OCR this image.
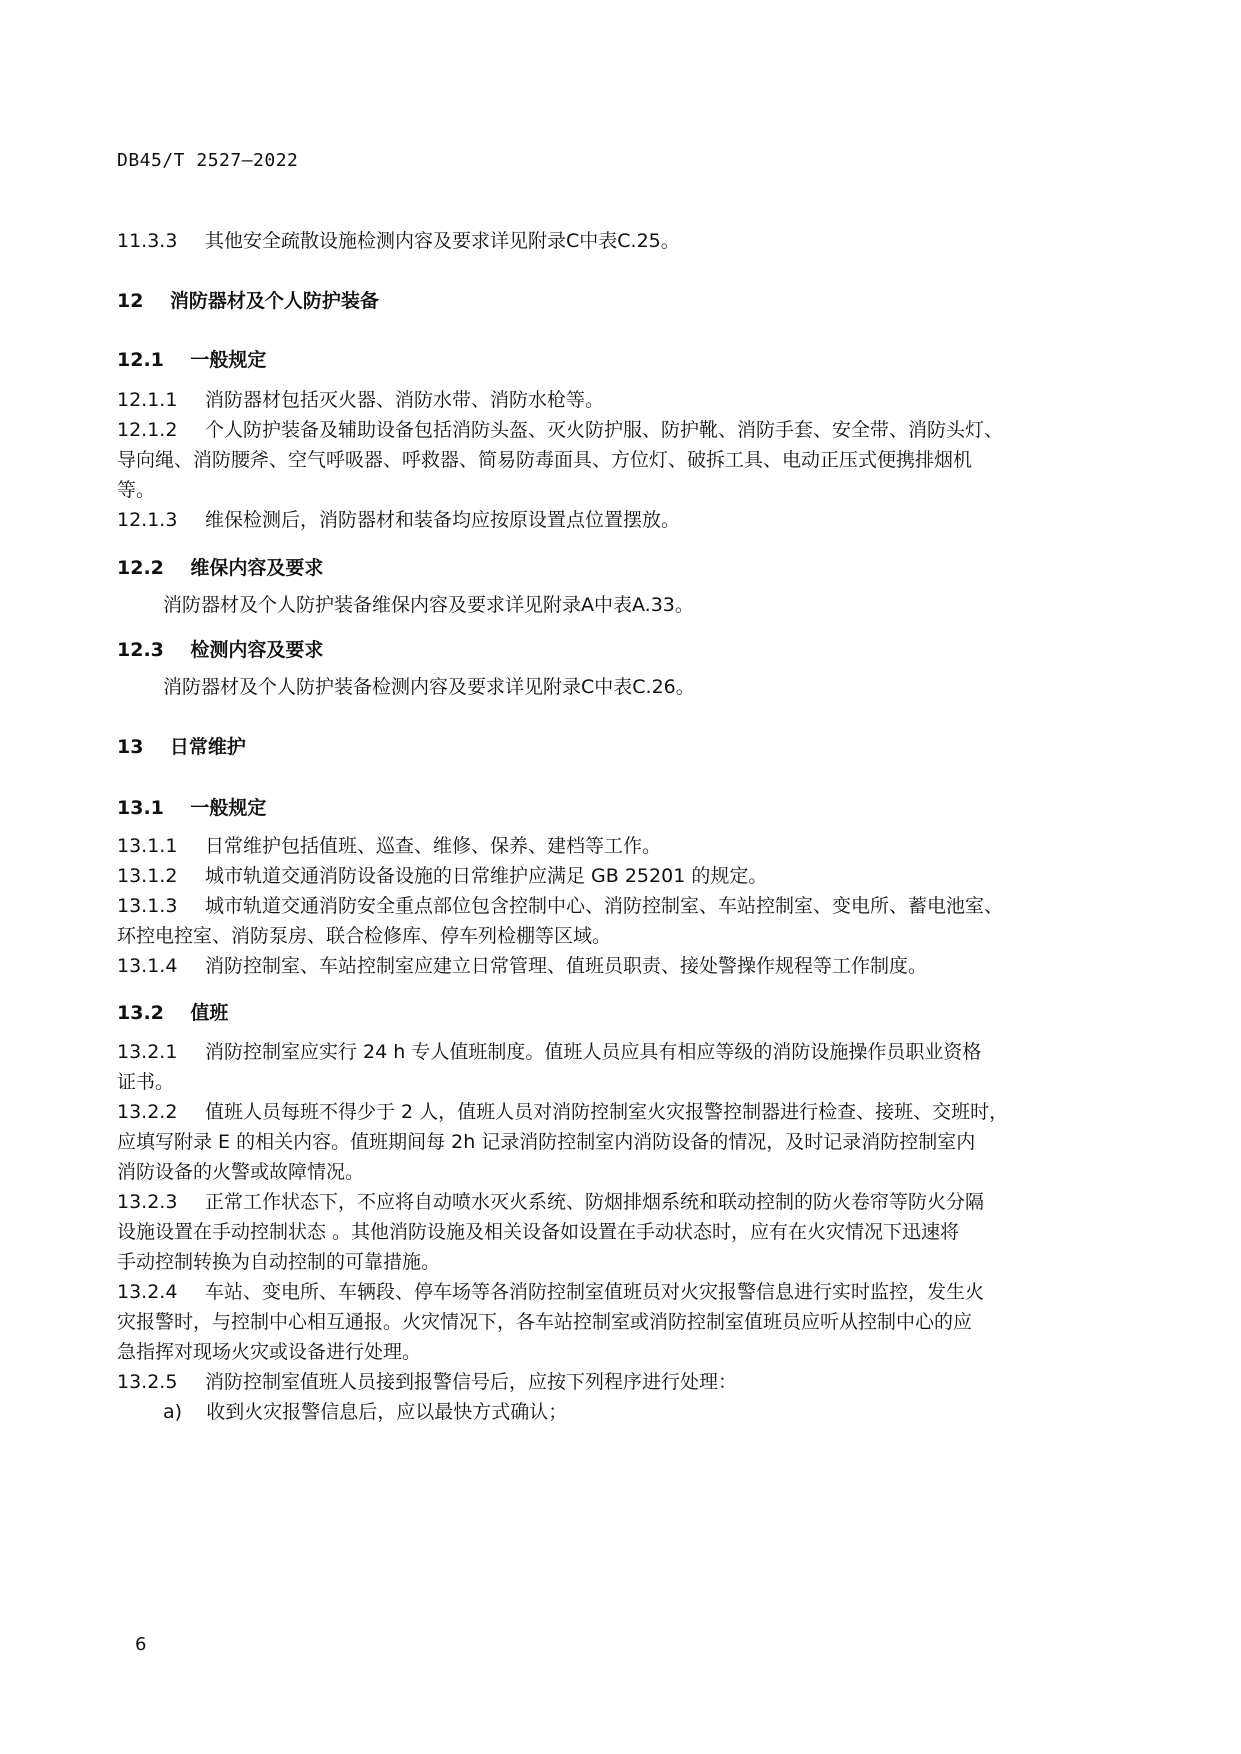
DB45/T 2527—2022
11.3.3	其他安全疏散设施检测内容及要求详见附录C中表C.25。
12 消防器材及个人防护装备
12.1 一般规定
12.1.1	消防器材包括灭火器、消防水带、消防水枪等。
12.1.2	个人防护装备及辅助设备包括消防头盔、灭火防护服、防护靴、消防手套、安全带、消防头灯、
导向绳、消防腰斧、空气呼吸器、呼救器、简易防毒面具、方位灯、破拆工具、电动正压式便携排烟机
等。
12.1.3	维保检测后，消防器材和装备均应按原设置点位置摆放。
12.2 维保内容及要求
消防器材及个人防护装备维保内容及要求详见附录A中表A.33。
12.3 检测内容及要求
消防器材及个人防护装备检测内容及要求详见附录C中表C.26。
13 日常维护
13.1 一般规定
13.1.1	日常维护包括值班、巡查、维修、保养、建档等工作。
13.1.2	城市轨道交通消防设备设施的日常维护应满足 GB 25201 的规定。
13.1.3	城市轨道交通消防安全重点部位包含控制中心、消防控制室、车站控制室、变电所、蓄电池室、
环控电控室、消防泵房、联合检修库、停车列检棚等区域。
13.1.4	消防控制室、车站控制室应建立日常管理、值班员职责、接处警操作规程等工作制度。
13.2 值班
13.2.1	消防控制室应实行 24 h 专人值班制度。值班人员应具有相应等级的消防设施操作员职业资格
证书。
13.2.2	值班人员每班不得少于 2 人，值班人员对消防控制室火灾报警控制器进行检查、接班、交班时，
应填写附录 E 的相关内容。值班期间每 2h 记录消防控制室内消防设备的情况，及时记录消防控制室内
消防设备的火警或故障情况。
13.2.3	正常工作状态下，不应将自动喷水灭火系统、防烟排烟系统和联动控制的防火卷帘等防火分隔
设施设置在手动控制状态 。其他消防设施及相关设备如设置在手动状态时，应有在火灾情况下迅速将
手动控制转换为自动控制的可靠措施。
13.2.4	车站、变电所、车辆段、停车场等各消防控制室值班员对火灾报警信息进行实时监控，发生火
灾报警时，与控制中心相互通报。火灾情况下，各车站控制室或消防控制室值班员应听从控制中心的应
急指挥对现场火灾或设备进行处理。
13.2.5	消防控制室值班人员接到报警信号后，应按下列程序进行处理：
a) 收到火灾报警信息后，应以最快方式确认；
6
